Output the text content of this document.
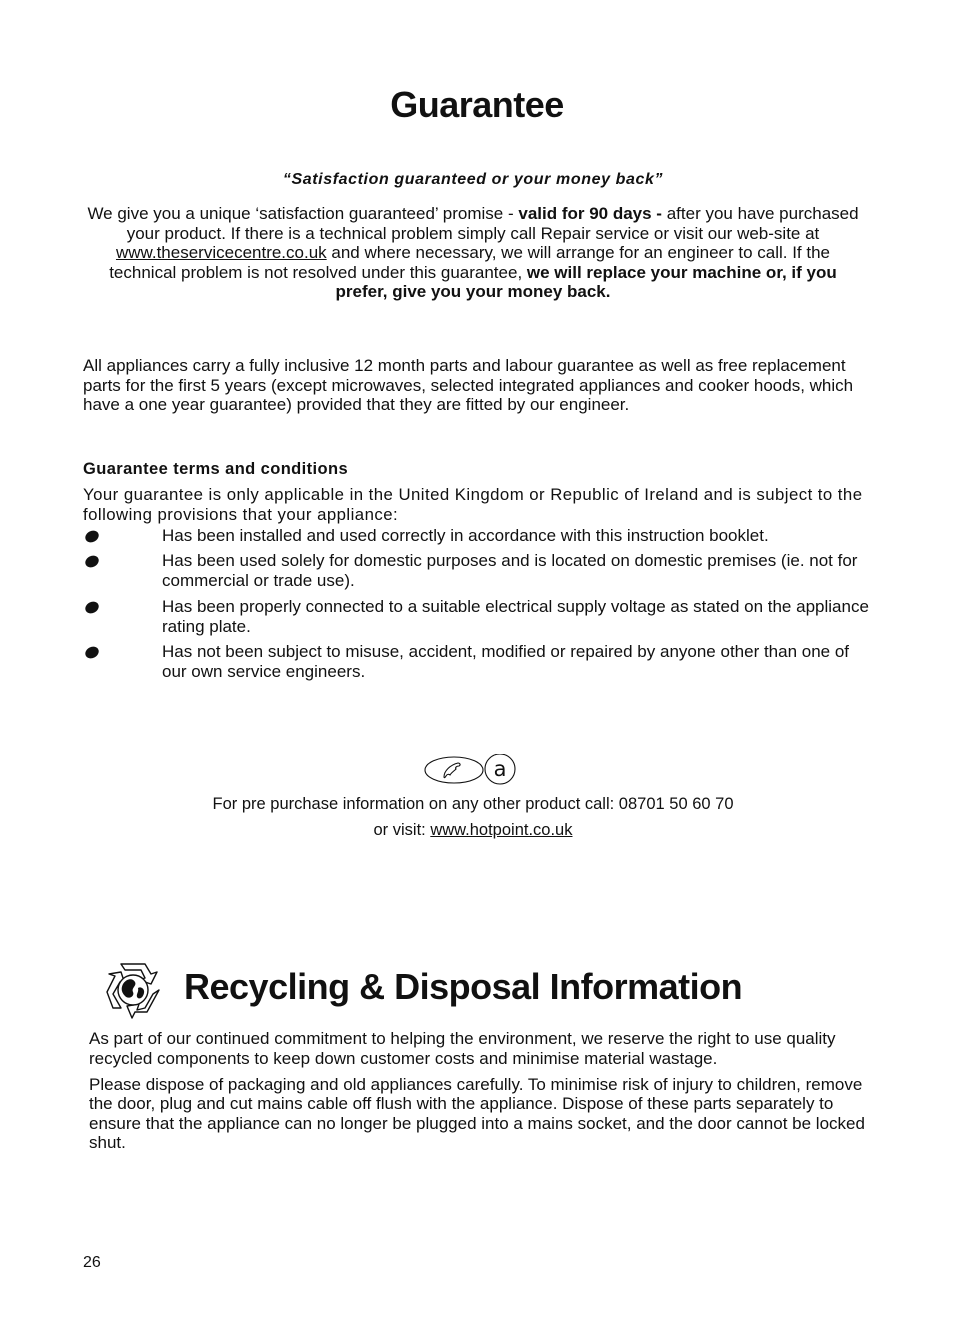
Guarantee
“Satisfaction guaranteed or your money back”
We give you a unique ‘satisfaction guaranteed’ promise - valid for 90 days - after you have purchased your product. If there is a technical problem simply call Repair service or visit our web-site at www.theservicecentre.co.uk and where necessary, we will arrange for an engineer to call. If the technical problem is not resolved under this guarantee, we will replace your machine or, if you prefer, give you your money back.
All appliances carry a fully inclusive 12 month parts and labour guarantee as well as free replacement parts for the first 5 years (except microwaves, selected integrated appliances and cooker hoods, which have a one year guarantee) provided that they are fitted by our engineer.
Guarantee terms and conditions
Your guarantee is only applicable in the United Kingdom or Republic of Ireland and is subject to the following provisions that your appliance:
Has been installed and used correctly in accordance with this instruction booklet.
Has been used solely for domestic purposes and is located on domestic premises (ie. not for commercial or trade use).
Has been properly connected to a suitable electrical supply voltage as stated on the appliance rating plate.
Has not been subject to misuse, accident, modified or repaired by anyone other than one of our own service engineers.
a
For pre purchase information on any other product call: 08701 50 60 70
or visit: www.hotpoint.co.uk
Recycling & Disposal Information

As part of our continued commitment to helping the environment, we reserve the right to use quality recycled components to keep down customer costs and minimise material wastage.

Please dispose of packaging and old appliances carefully. To minimise risk of injury to children, remove the door, plug and cut mains cable off flush with the appliance. Dispose of these parts separately to ensure that the appliance can no longer be plugged into a mains socket, and the door cannot be locked shut.

26
